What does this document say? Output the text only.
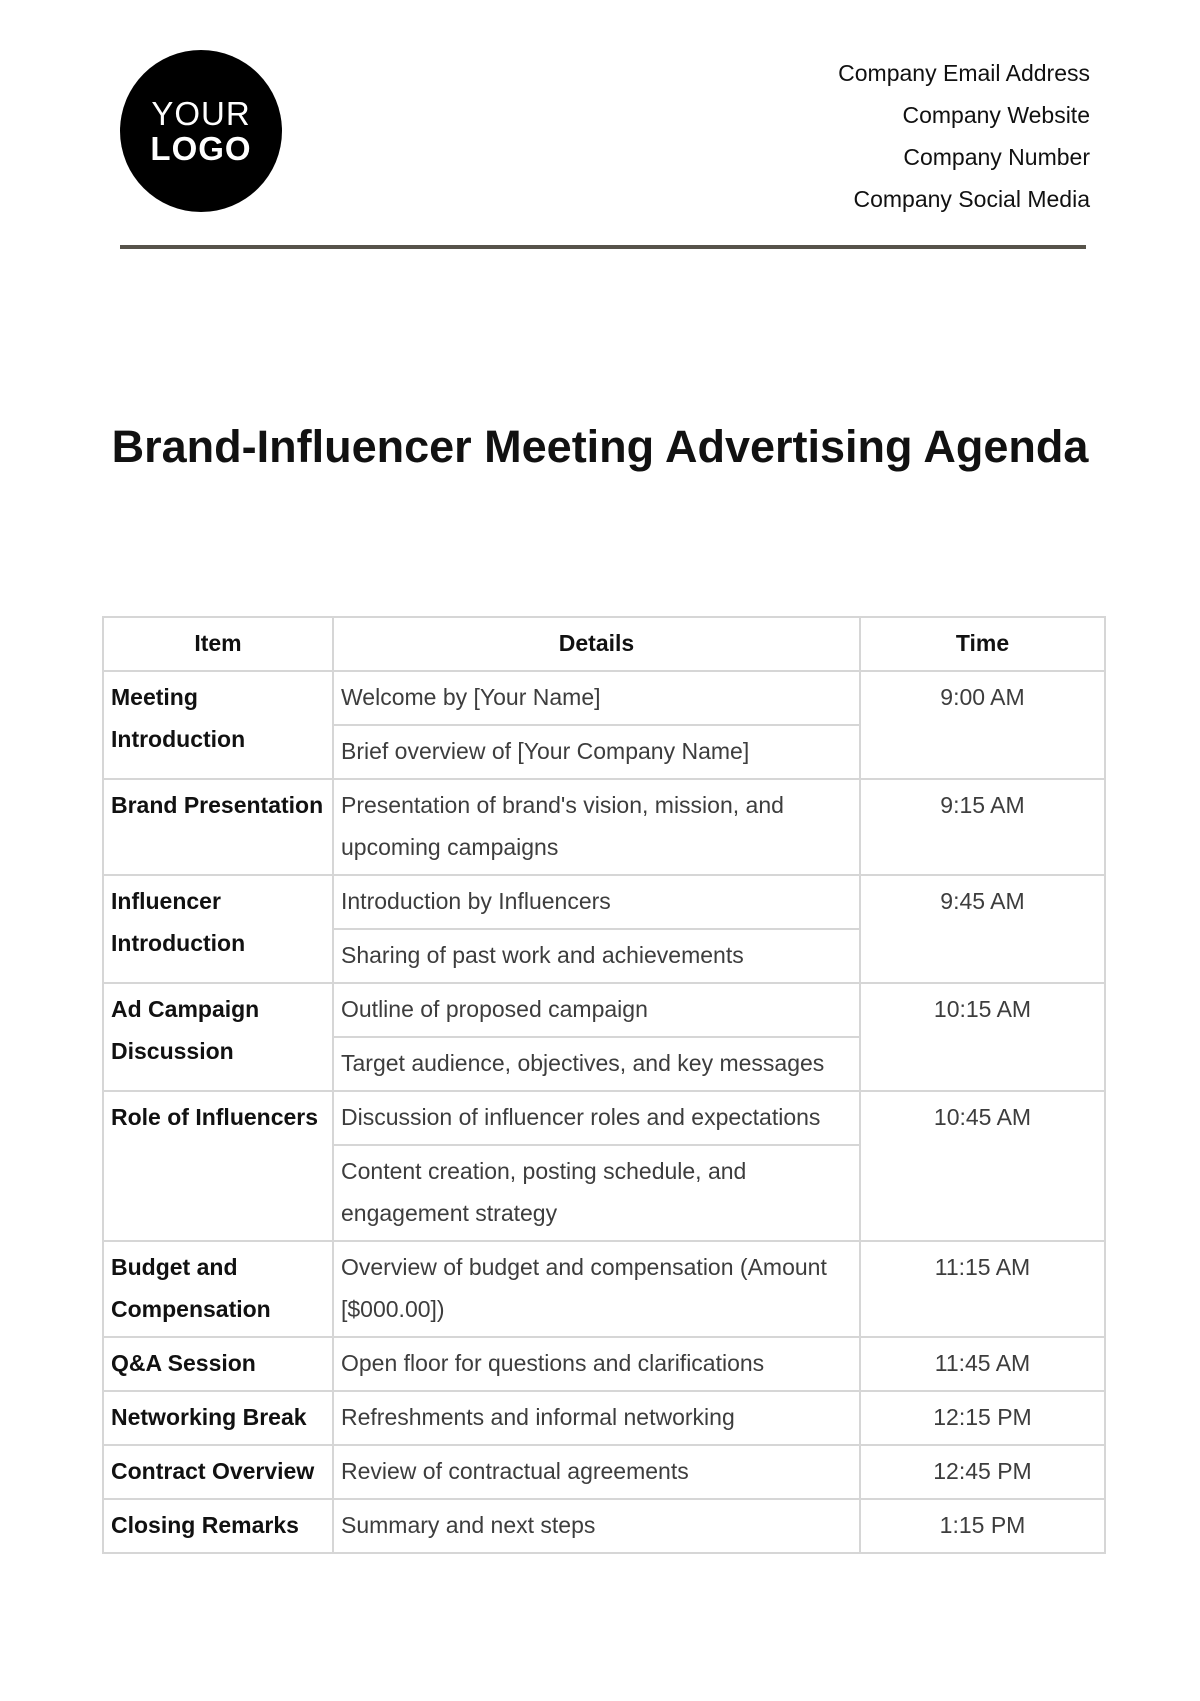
YOUR
LOGO
Company Email Address
Company Website
Company Number
Company Social Media
Brand-Influencer Meeting Advertising Agenda
Item	Details	Time
Meeting Introduction	Welcome by [Your Name]	9:00 AM
	Brief overview of [Your Company Name]	
Brand Presentation	Presentation of brand's vision, mission, and upcoming campaigns	9:15 AM
Influencer Introduction	Introduction by Influencers	9:45 AM
	Sharing of past work and achievements	
Ad Campaign Discussion	Outline of proposed campaign	10:15 AM
	Target audience, objectives, and key messages	
Role of Influencers	Discussion of influencer roles and expectations	10:45 AM
	Content creation, posting schedule, and engagement strategy	
Budget and Compensation	Overview of budget and compensation (Amount [$000.00])	11:15 AM
Q&A Session	Open floor for questions and clarifications	11:45 AM
Networking Break	Refreshments and informal networking	12:15 PM
Contract Overview	Review of contractual agreements	12:45 PM
Closing Remarks	Summary and next steps	1:15 PM
